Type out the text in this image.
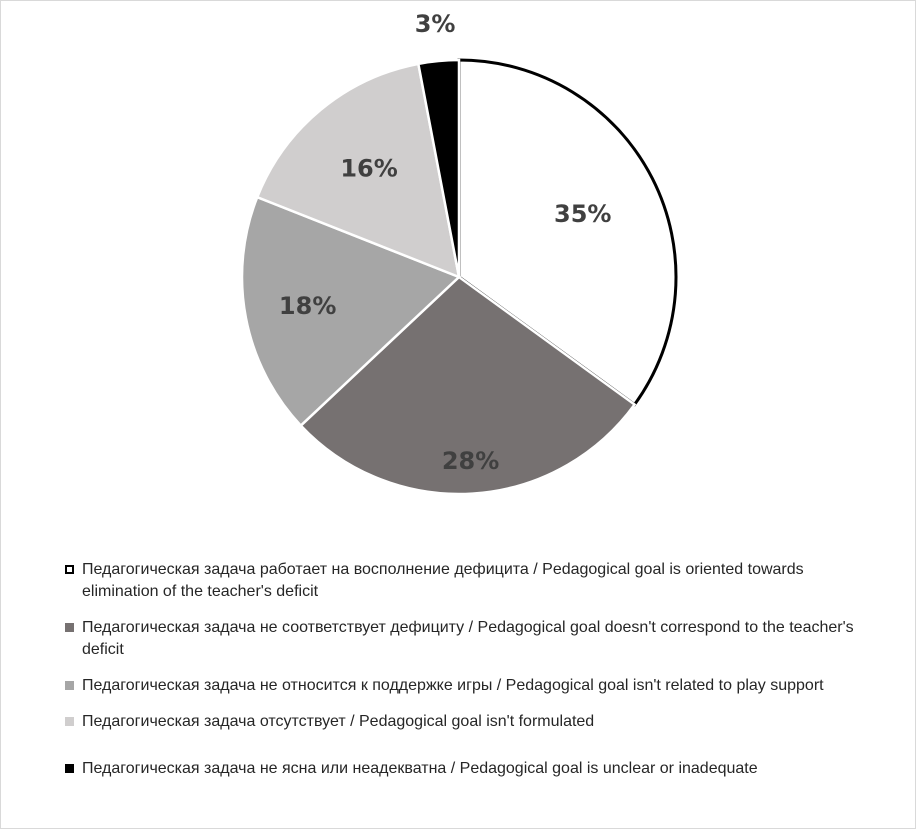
35%
28%
18%
16%
3%
Педагогическая задача работает на восполнение дефицита / Pedagogical goal is oriented towards elimination of the teacher's deficit
Педагогическая задача не соответствует дефициту / Pedagogical goal doesn't correspond to the teacher's deficit
Педагогическая задача не относится к поддержке игры / Pedagogical goal isn't related to play support
Педагогическая задача отсутствует / Pedagogical goal isn't formulated
Педагогическая задача не ясна или неадекватна / Pedagogical goal is unclear or inadequate
